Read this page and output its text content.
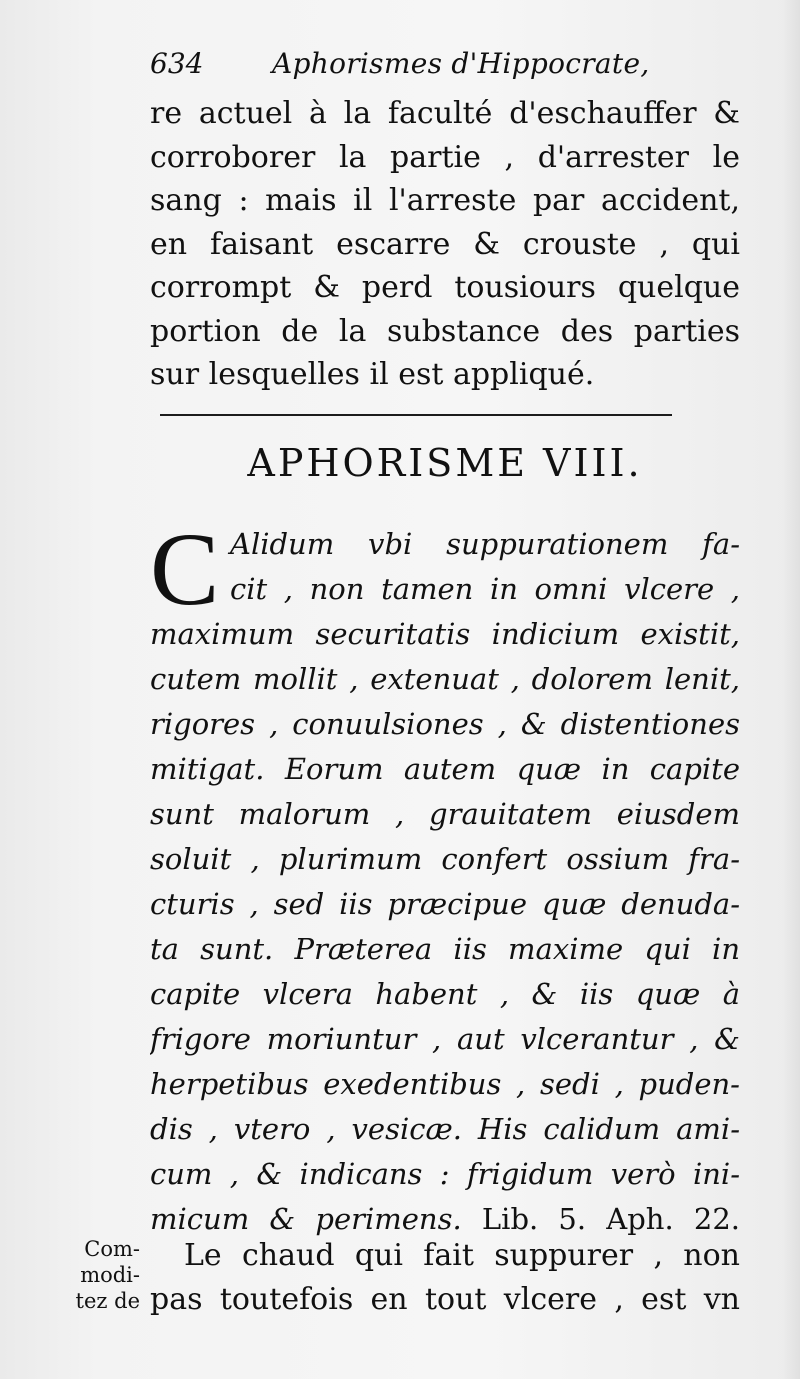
634 Aphorismes d'Hippocrate,
re actuel à la faculté d'eschauffer &
corroborer la partie , d'arrester le
sang : mais il l'arreste par accident,
en faisant escarre & crouste , qui
corrompt & perd tousiours quelque
portion de la substance des parties
sur lesquelles il est appliqué.
APHORISME VIII.
C Alidum vbi suppurationem fa-
cit , non tamen in omni vlcere ,
maximum securitatis indicium existit,
cutem mollit , extenuat , dolorem lenit,
rigores , conuulsiones , & distentiones
mitigat. Eorum autem quæ in capite
sunt malorum , grauitatem eiusdem
soluit , plurimum confert ossium fra-
cturis , sed iis præcipue quæ denuda-
ta sunt. Præterea iis maxime qui in
capite vlcera habent , & iis quæ à
frigore moriuntur , aut vlcerantur , &
herpetibus exedentibus , sedi , puden-
dis , vtero , vesicæ. His calidum ami-
cum , & indicans : frigidum verò ini-
micum & perimens. Lib. 5. Aph. 22.
Com-
modi-
tez de
Le chaud qui fait suppurer , non
pas toutefois en tout vlcere , est vn
